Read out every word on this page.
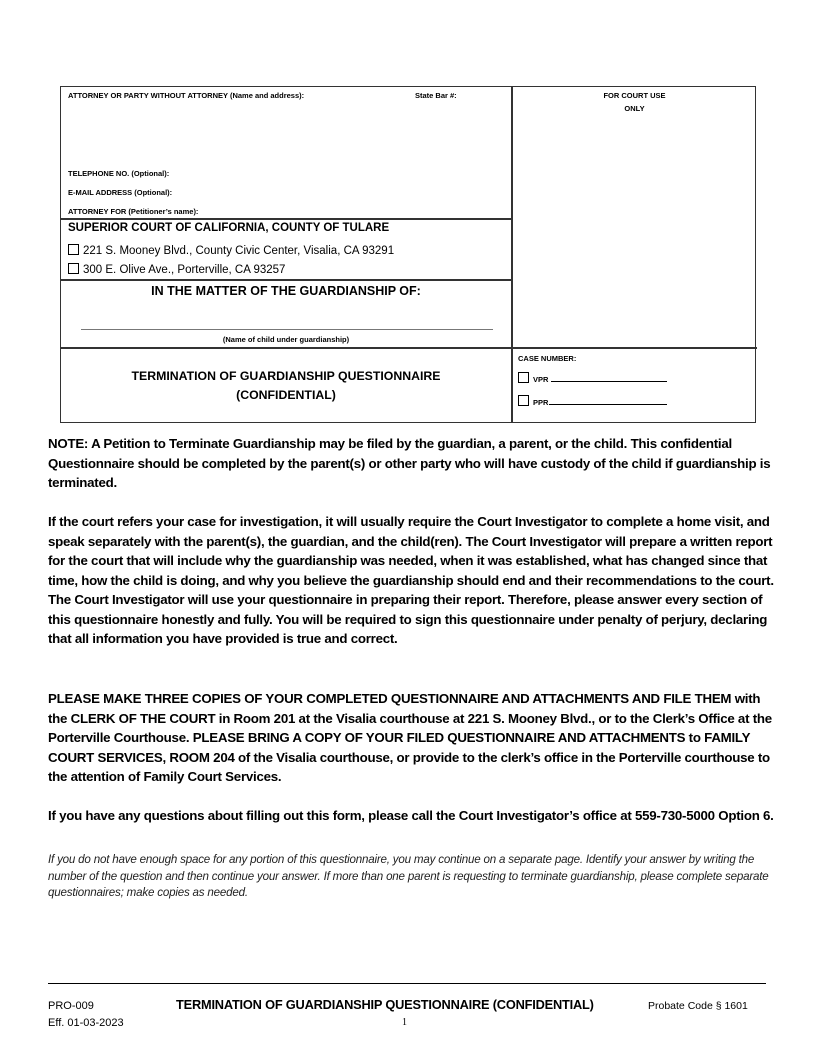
ATTORNEY OR PARTY WITHOUT ATTORNEY (Name and address):	State Bar #:	FOR COURT USE
ONLY
TELEPHONE NO. (Optional):
E-MAIL ADDRESS (Optional):
ATTORNEY FOR (Petitioner’s name):
SUPERIOR COURT OF CALIFORNIA, COUNTY OF TULARE
221 S. Mooney Blvd., County Civic Center, Visalia, CA 93291
300 E. Olive Ave., Porterville, CA 93257
IN THE MATTER OF THE GUARDIANSHIP OF:
(Name of child under guardianship)
TERMINATION OF GUARDIANSHIP QUESTIONNAIRE
(CONFIDENTIAL)
CASE NUMBER:
VPR
PPR
NOTE: A Petition to Terminate Guardianship may be filed by the guardian, a parent, or the child. This confidential Questionnaire should be completed by the parent(s) or other party who will have custody of the child if guardianship is terminated.
If the court refers your case for investigation, it will usually require the Court Investigator to complete a home visit, and speak separately with the parent(s), the guardian, and the child(ren). The Court Investigator will prepare a written report for the court that will include why the guardianship was needed, when it was established, what has changed since that time, how the child is doing, and why you believe the guardianship should end and their recommendations to the court. The Court Investigator will use your questionnaire in preparing their report. Therefore, please answer every section of this questionnaire honestly and fully. You will be required to sign this questionnaire under penalty of perjury, declaring that all information you have provided is true and correct.
PLEASE MAKE THREE COPIES OF YOUR COMPLETED QUESTIONNAIRE AND ATTACHMENTS AND FILE THEM with the CLERK OF THE COURT in Room 201 at the Visalia courthouse at 221 S. Mooney Blvd., or to the Clerk’s Office at the Porterville Courthouse. PLEASE BRING A COPY OF YOUR FILED QUESTIONNAIRE AND ATTACHMENTS to FAMILY COURT SERVICES, ROOM 204 of the Visalia courthouse, or provide to the clerk’s office in the Porterville courthouse to the attention of Family Court Services.
If you have any questions about filling out this form, please call the Court Investigator’s office at 559-730-5000 Option 6.
If you do not have enough space for any portion of this questionnaire, you may continue on a separate page. Identify your answer by writing the number of the question and then continue your answer. If more than one parent is requesting to terminate guardianship, please complete separate questionnaires; make copies as needed.
PRO-009
Eff. 01-03-2023
TERMINATION OF GUARDIANSHIP QUESTIONNAIRE (CONFIDENTIAL)	Probate Code § 1601
1
